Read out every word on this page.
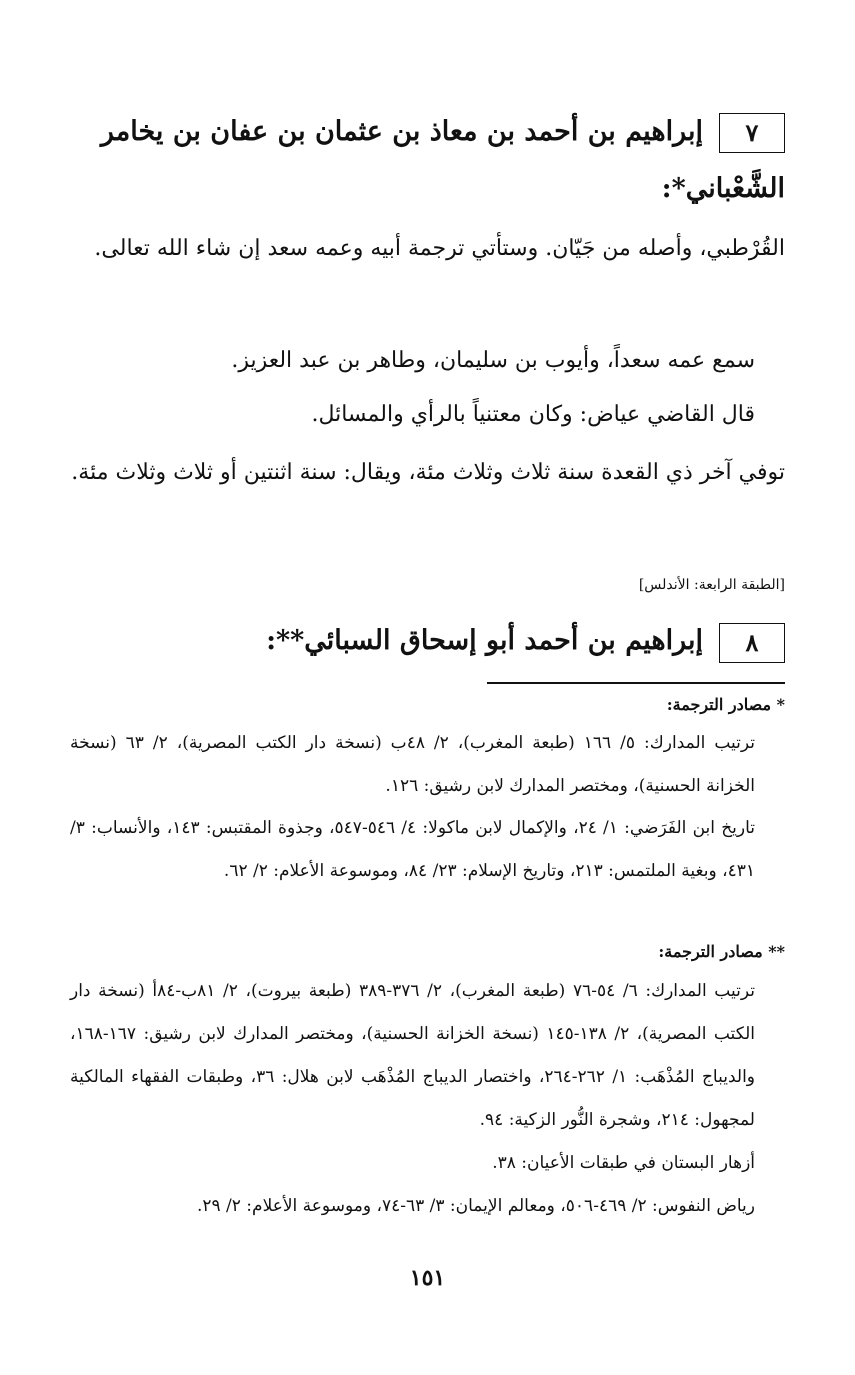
٧
إبراهيم بن أحمد بن معاذ بن عثمان بن عفان بن يخامر
الشَّعْباني*:
القُرْطبي، وأصله من جَيّان. وستأتي ترجمة أبيه وعمه سعد إن شاء الله تعالى.
سمع عمه سعداً، وأيوب بن سليمان، وطاهر بن عبد العزيز.
قال القاضي عياض: وكان معتنياً بالرأي والمسائل.
توفي آخر ذي القعدة سنة ثلاث وثلاث مئة، ويقال: سنة اثنتين أو ثلاث وثلاث مئة.
[الطبقة الرابعة: الأندلس]
٨
إبراهيم بن أحمد أبو إسحاق السبائي**:
* مصادر الترجمة:
ترتيب المدارك: ٥/ ١٦٦ (طبعة المغرب)، ٢/ ٤٨ب (نسخة دار الكتب المصرية)، ٢/ ٦٣ (نسخة الخزانة الحسنية)، ومختصر المدارك لابن رشيق: ١٢٦.
تاريخ ابن الفَرَضي: ١/ ٢٤، والإكمال لابن ماكولا: ٤/ ٥٤٦-٥٤٧، وجذوة المقتبس: ١٤٣، والأنساب: ٣/ ٤٣١، وبغية الملتمس: ٢١٣، وتاريخ الإسلام: ٢٣/ ٨٤، وموسوعة الأعلام: ٢/ ٦٢.
** مصادر الترجمة:
ترتيب المدارك: ٦/ ٥٤-٧٦ (طبعة المغرب)، ٢/ ٣٧٦-٣٨٩ (طبعة بيروت)، ٢/ ٨١ب-٨٤أ (نسخة دار الكتب المصرية)، ٢/ ١٣٨-١٤٥ (نسخة الخزانة الحسنية)، ومختصر المدارك لابن رشيق: ١٦٧-١٦٨، والديباج المُذْهَب: ١/ ٢٦٢-٢٦٤، واختصار الديباج المُذْهَب لابن هلال: ٣٦، وطبقات الفقهاء المالكية لمجهول: ٢١٤، وشجرة النُّور الزكية: ٩٤.
أزهار البستان في طبقات الأعيان: ٣٨.
رياض النفوس: ٢/ ٤٦٩-٥٠٦، ومعالم الإيمان: ٣/ ٦٣-٧٤، وموسوعة الأعلام: ٢/ ٢٩.
١٥١
